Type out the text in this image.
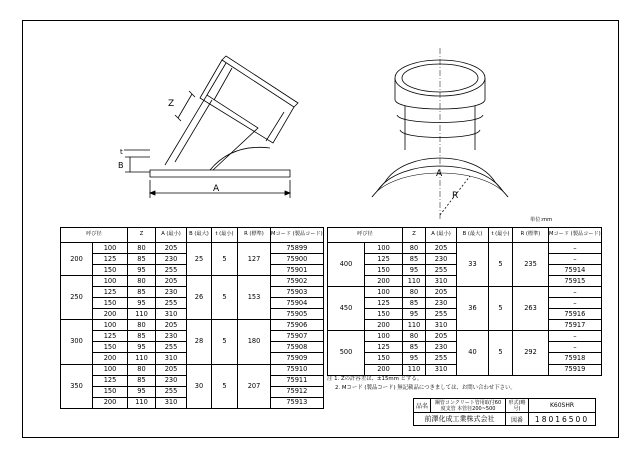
Z
A
B
t
A
R
単位:mm
呼び径		Z	A (最小)	B (最大)	t (最小)	R (標準)	Mコード (製品コード)
200	100	80	205	25	5	127	75899
	125	85	230				75900
	150	95	255				75901
250	100	80	205	26	5	153	75902
	125	85	230				75903
	150	95	255				75904
	200	110	310				75905
300	100	80	205	28	5	180	75906
	125	85	230				75907
	150	95	255				75908
	200	110	310				75909
350	100	80	205	30	5	207	75910
	125	85	230				75911
	150	95	255				75912
	200	110	310				75913
呼び径		Z	A (最小)	B (最大)	t (最小)	R (標準)	Mコード (製品コード)
400	100	80	205	33	5	235	–
	125	85	230				–
	150	95	255				75914
	200	110	310				75915
450	100	80	205	36	5	263	–
	125	85	230				–
	150	95	255				75916
	200	110	310				75917
500	100	80	205	40	5	292	–
	125	85	230				–
	150	95	255				75918
	200	110	310				75919
注 1. Zの許容差は、±15mm とする。
2. Mコード (製品コード) 無記載品につきましては、お問い合わせ下さい。
品名	鋼管コンクリート管用取付60度支管 本管径200~500	形式(略号)	K60SHR
前澤化成工業株式会社		図番	18016500
